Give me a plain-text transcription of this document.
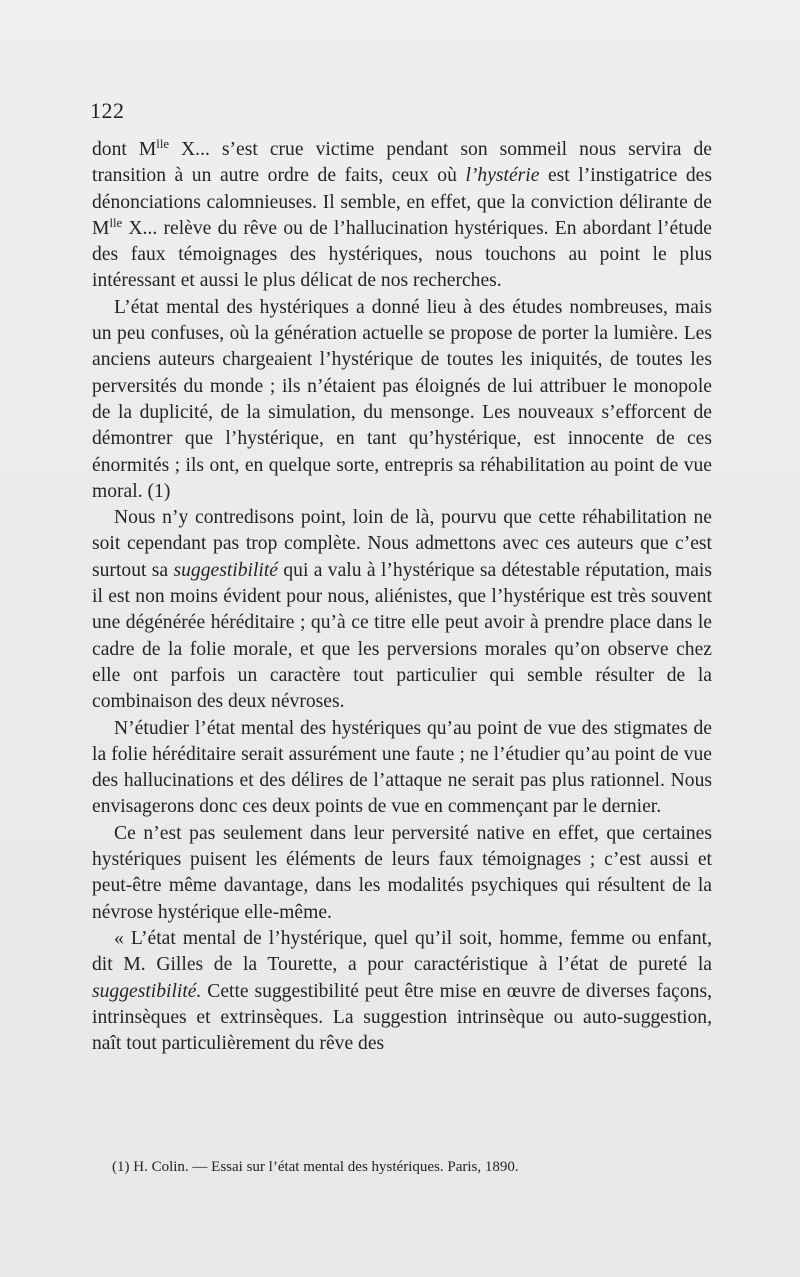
122

dont $M^{lle}$ X... s’est crue victime pendant son sommeil nous servira de transition à un autre ordre de faits, ceux où l’hystérie est l’instigatrice des dénonciations calomnieuses. Il semble, en effet, que la conviction délirante de $M^{lle}$ X... relève du rêve ou de l’hallucination hystériques. En abordant l’étude des faux témoignages des hystériques, nous touchons au point le plus intéressant et aussi le plus délicat de nos recherches.

L’état mental des hystériques a donné lieu à des études nombreuses, mais un peu confuses, où la génération actuelle se propose de porter la lumière. Les anciens auteurs chargeaient l’hystérique de toutes les iniquités, de toutes les perversités du monde ; ils n’étaient pas éloignés de lui attribuer le monopole de la duplicité, de la simulation, du mensonge. Les nouveaux s’efforcent de démontrer que l’hystérique, en tant qu’hystérique, est innocente de ces énormités ; ils ont, en quelque sorte, entrepris sa réhabilitation au point de vue moral. (1)

Nous n’y contredisons point, loin de là, pourvu que cette réhabilitation ne soit cependant pas trop complète. Nous admettons avec ces auteurs que c’est surtout sa suggestibilité qui a valu à l’hystérique sa détestable réputation, mais il est non moins évident pour nous, aliénistes, que l’hystérique est très souvent une dégénérée héréditaire ; qu’à ce titre elle peut avoir à prendre place dans le cadre de la folie morale, et que les perversions morales qu’on observe chez elle ont parfois un caractère tout particulier qui semble résulter de la combinaison des deux névroses.

N’étudier l’état mental des hystériques qu’au point de vue des stigmates de la folie héréditaire serait assurément une faute ; ne l’étudier qu’au point de vue des hallucinations et des délires de l’attaque ne serait pas plus rationnel. Nous envisagerons donc ces deux points de vue en commençant par le dernier.

Ce n’est pas seulement dans leur perversité native en effet, que certaines hystériques puisent les éléments de leurs faux témoignages ; c’est aussi et peut-être même davantage, dans les modalités psychiques qui résultent de la névrose hystérique elle-même.

« L’état mental de l’hystérique, quel qu’il soit, homme, femme ou enfant, dit M. Gilles de la Tourette, a pour caractéristique à l’état de pureté la suggestibilité. Cette suggestibilité peut être mise en œuvre de diverses façons, intrinsèques et extrinsèques. La suggestion intrinsèque ou auto-suggestion, naît tout particulièrement du rêve des

(1) H. Colin. — Essai sur l’état mental des hystériques. Paris, 1890.
